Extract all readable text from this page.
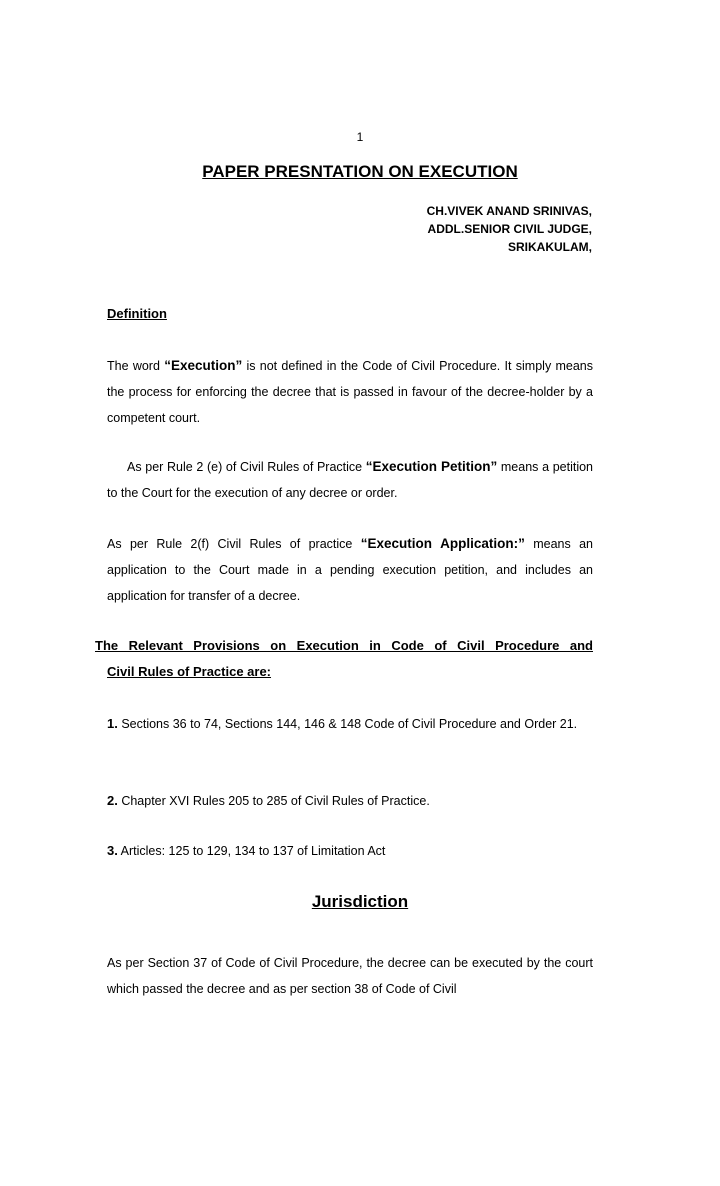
1
PAPER PRESNTATION ON EXECUTION
CH.VIVEK ANAND SRINIVAS,
ADDL.SENIOR CIVIL JUDGE,
SRIKAKULAM,
Definition
The word “Execution” is not defined in the Code of Civil Procedure. It simply means the process for enforcing the decree that is passed in favour of the decree-holder by a competent court.
As per Rule 2 (e) of Civil Rules of Practice “Execution Petition” means a petition to the Court for the execution of any decree or order.
As per Rule 2(f) Civil Rules of practice “Execution Application:” means an application to the Court made in a pending execution petition, and includes an application for transfer of a decree.
The Relevant Provisions on Execution in Code of Civil Procedure and
Civil Rules of Practice are:
1. Sections 36 to 74, Sections 144, 146 & 148 Code of Civil Procedure and Order 21.
2. Chapter XVI Rules 205 to 285 of Civil Rules of Practice.
3. Articles: 125 to 129, 134 to 137 of Limitation Act
Jurisdiction
As per Section 37 of Code of Civil Procedure, the decree can be executed by the court which passed the decree and as per section 38 of Code of Civil
